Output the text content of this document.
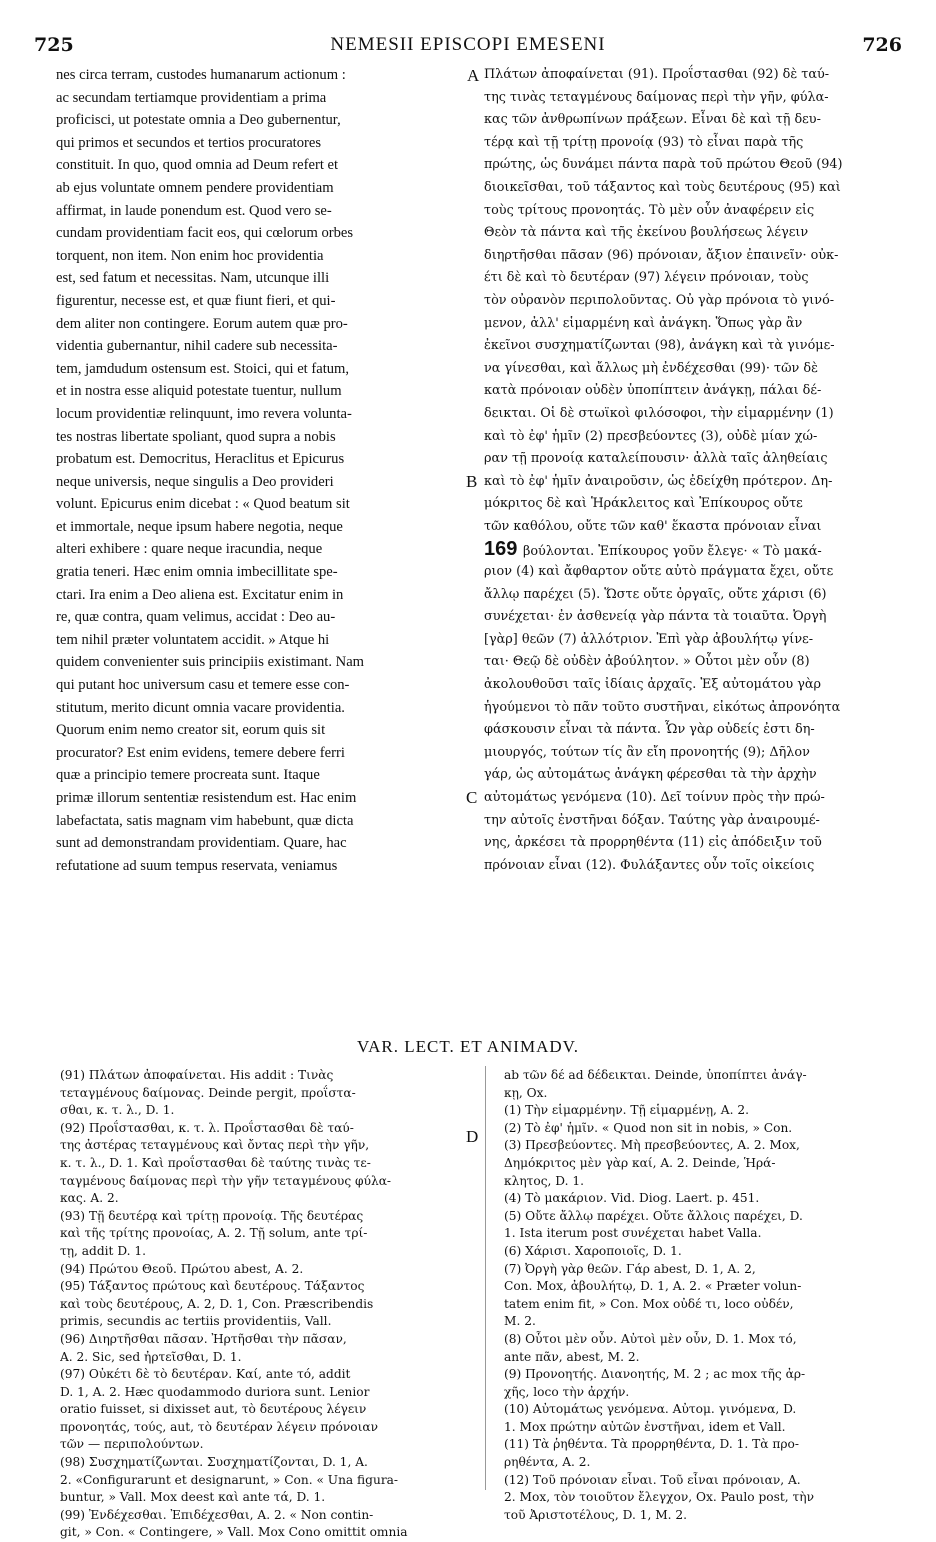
725	NEMESII EPISCOPI EMESENI	726
A
B
C
nes circa terram, custodes humanarum actionum :
ac secundam tertiamque providentiam a prima
proficisci, ut potestate omnia a Deo gubernentur,
qui primos et secundos et tertios procuratores
constituit. In quo, quod omnia ad Deum refert et
ab ejus voluntate omnem pendere providentiam
affirmat, in laude ponendum est. Quod vero se-
cundam providentiam facit eos, qui cœlorum orbes
torquent, non item. Non enim hoc providentia
est, sed fatum et necessitas. Nam, utcunque illi
figurentur, necesse est, et quæ fiunt fieri, et qui-
dem aliter non contingere. Eorum autem quæ pro-
videntia gubernantur, nihil cadere sub necessita-
tem, jamdudum ostensum est. Stoici, qui et fatum,
et in nostra esse aliquid potestate tuentur, nullum
locum providentiæ relinquunt, imo revera volunta-
tes nostras libertate spoliant, quod supra a nobis
probatum est. Democritus, Heraclitus et Epicurus
neque universis, neque singulis a Deo provideri
volunt. Epicurus enim dicebat : « Quod beatum sit
et immortale, neque ipsum habere negotia, neque
alteri exhibere : quare neque iracundia, neque
gratia teneri. Hæc enim omnia imbecillitate spe-
ctari. Ira enim a Deo aliena est. Excitatur enim in
re, quæ contra, quam velimus, accidat : Deo au-
tem nihil præter voluntatem accidit. » Atque hi
quidem convenienter suis principiis existimant. Nam
qui putant hoc universum casu et temere esse con-
stitutum, merito dicunt omnia vacare providentia.
Quorum enim nemo creator sit, eorum quis sit
procurator? Est enim evidens, temere debere ferri
quæ a principio temere procreata sunt. Itaque
primæ illorum sententiæ resistendum est. Hac enim
labefactata, satis magnam vim habebunt, quæ dicta
sunt ad demonstrandam providentiam. Quare, hac
refutatione ad suum tempus reservata, veniamus
Πλάτων ἀποφαίνεται (91). Προΐστασθαι (92) δὲ ταύ-
της τινὰς τεταγμένους δαίμονας περὶ τὴν γῆν, φύλα-
κας τῶν ἀνθρωπίνων πράξεων. Εἶναι δὲ καὶ τῇ δευ-
τέρᾳ καὶ τῇ τρίτῃ προνοίᾳ (93) τὸ εἶναι παρὰ τῆς
πρώτης, ὡς δυνάμει πάντα παρὰ τοῦ πρώτου Θεοῦ (94)
διοικεῖσθαι, τοῦ τάξαντος καὶ τοὺς δευτέρους (95) καὶ
τοὺς τρίτους προνοητάς. Τὸ μὲν οὖν ἀναφέρειν εἰς
Θεὸν τὰ πάντα καὶ τῆς ἐκείνου βουλήσεως λέγειν
διηρτῆσθαι πᾶσαν (96) πρόνοιαν, ἄξιον ἐπαινεῖν· οὐκ-
έτι δὲ καὶ τὸ δευτέραν (97) λέγειν πρόνοιαν, τοὺς
τὸν οὐρανὸν περιπολοῦντας. Οὐ γὰρ πρόνοια τὸ γινό-
μενον, ἀλλ' εἱμαρμένη καὶ ἀνάγκη. Ὅπως γὰρ ἂν
ἐκεῖνοι συσχηματίζωνται (98), ἀνάγκη καὶ τὰ γινόμε-
να γίνεσθαι, καὶ ἄλλως μὴ ἐνδέχεσθαι (99)· τῶν δὲ
κατὰ πρόνοιαν οὐδὲν ὑποπίπτειν ἀνάγκῃ, πάλαι δέ-
δεικται. Οἱ δὲ στωϊκοὶ φιλόσοφοι, τὴν εἱμαρμένην (1)
καὶ τὸ ἐφ' ἡμῖν (2) πρεσβεύοντες (3), οὐδὲ μίαν χώ-
ραν τῇ προνοίᾳ καταλείπουσιν· ἀλλὰ ταῖς ἀληθείαις
καὶ τὸ ἐφ' ἡμῖν ἀναιροῦσιν, ὡς ἐδείχθη πρότερον. Δη-
μόκριτος δὲ καὶ Ἡράκλειτος καὶ Ἐπίκουρος οὔτε
τῶν καθόλου, οὔτε τῶν καθ' ἕκαστα πρόνοιαν εἶναι
169 βούλονται. Ἐπίκουρος γοῦν ἔλεγε· « Τὸ μακά-
ριον (4) καὶ ἄφθαρτον οὔτε αὐτὸ πράγματα ἔχει, οὔτε
ἄλλῳ παρέχει (5). Ὥστε οὔτε ὀργαῖς, οὔτε χάρισι (6)
συνέχεται· ἐν ἀσθενείᾳ γὰρ πάντα τὰ τοιαῦτα. Ὀργὴ
[γὰρ] θεῶν (7) ἀλλότριον. Ἐπὶ γὰρ ἀβουλήτῳ γίνε-
ται· Θεῷ δὲ οὐδὲν ἀβούλητον. » Οὗτοι μὲν οὖν (8)
ἀκολουθοῦσι ταῖς ἰδίαις ἀρχαῖς. Ἐξ αὐτομάτου γὰρ
ἡγούμενοι τὸ πᾶν τοῦτο συστῆναι, εἰκότως ἀπρονόητα
φάσκουσιν εἶναι τὰ πάντα. Ὧν γὰρ οὐδείς ἐστι δη-
μιουργός, τούτων τίς ἂν εἴη προνοητής (9); Δῆλον
γάρ, ὡς αὐτομάτως ἀνάγκη φέρεσθαι τὰ τὴν ἀρχὴν
αὐτομάτως γενόμενα (10). Δεῖ τοίνυν πρὸς τὴν πρώ-
την αὐτοῖς ἐνστῆναι δόξαν. Ταύτης γὰρ ἀναιρουμέ-
νης, ἀρκέσει τὰ προρρηθέντα (11) εἰς ἀπόδειξιν τοῦ
πρόνοιαν εἶναι (12). Φυλάξαντες οὖν τοῖς οἰκείοις
VAR. LECT. ET ANIMADV.
D
(91) Πλάτων ἀποφαίνεται. His addit : Τινὰς
τεταγμένους δαίμονας. Deinde pergit, προΐστα-
σθαι, κ. τ. λ., D. 1.
(92) Προΐστασθαι, κ. τ. λ. Προΐστασθαι δὲ ταύ-
της ἀστέρας τεταγμένους καὶ ὄντας περὶ τὴν γῆν,
κ. τ. λ., D. 1. Καὶ προΐστασθαι δὲ ταύτης τινὰς τε-
ταγμένους δαίμονας περὶ τὴν γῆν τεταγμένους φύλα-
κας. A. 2.
(93) Τῇ δευτέρᾳ καὶ τρίτῃ προνοίᾳ. Τῆς δευτέρας
καὶ τῆς τρίτης προνοίας, A. 2. Τῇ solum, ante τρί-
τῃ, addit D. 1.
(94) Πρώτου Θεοῦ. Πρώτου abest, A. 2.
(95) Τάξαντος πρώτους καὶ δευτέρους. Τάξαντος
καὶ τοὺς δευτέρους, A. 2, D. 1, Con. Præscribendis
primis, secundis ac tertiis providentiis, Vall.
(96) Διηρτῆσθαι πᾶσαν. Ἠρτῆσθαι τὴν πᾶσαν,
A. 2. Sic, sed ἠρτεῖσθαι, D. 1.
(97) Οὐκέτι δὲ τὸ δευτέραν. Καί, ante τό, addit
D. 1, A. 2. Hæc quodammodo duriora sunt. Lenior
oratio fuisset, si dixisset aut, τὸ δευτέρους λέγειν
προνοητάς, τούς, aut, τὸ δευτέραν λέγειν πρόνοιαν
τῶν — περιπολούντων.
(98) Συσχηματίζωνται. Συσχηματίζονται, D. 1, A.
2. «Configurarunt et designarunt, » Con. « Una figura-
buntur, » Vall. Mox deest καὶ ante τά, D. 1.
(99) Ἐνδέχεσθαι. Ἐπιδέχεσθαι, A. 2. « Non contin-
git, » Con. « Contingere, » Vall. Mox Cono omittit omnia
ab τῶν δέ ad δέδεικται. Deinde, ὑποπίπτει ἀνάγ-
κῃ, Ox.
(1) Τὴν εἱμαρμένην. Τῇ εἱμαρμένῃ, A. 2.
(2) Τὸ ἐφ' ἡμῖν. « Quod non sit in nobis, » Con.
(3) Πρεσβεύοντες. Μὴ πρεσβεύοντες, A. 2. Mox,
Δημόκριτος μὲν γὰρ καί, A. 2. Deinde, Ἡρά-
κλητος, D. 1.
(4) Τὸ μακάριον. Vid. Diog. Laert. p. 451.
(5) Οὔτε ἄλλῳ παρέχει. Οὔτε ἄλλοις παρέχει, D.
1. Ista iterum post συνέχεται habet Valla.
(6) Χάρισι. Χαροποιοῖς, D. 1.
(7) Ὀργὴ γὰρ θεῶν. Γάρ abest, D. 1, A. 2,
Con. Mox, ἀβουλήτῳ, D. 1, A. 2. « Præter volun-
tatem enim fit, » Con. Mox οὐδέ τι, loco οὐδέν,
M. 2.
(8) Οὗτοι μὲν οὖν. Αὐτοὶ μὲν οὖν, D. 1. Mox τό,
ante πᾶν, abest, M. 2.
(9) Προνοητής. Διανοητής, M. 2 ; ac mox τῆς ἀρ-
χῆς, loco τὴν ἀρχήν.
(10) Αὐτομάτως γενόμενα. Αὐτομ. γινόμενα, D.
1. Mox πρώτην αὐτῶν ἐνστῆναι, idem et Vall.
(11) Τὰ ῥηθέντα. Τὰ προρρηθέντα, D. 1. Τὰ προ-
ρηθέντα, A. 2.
(12) Τοῦ πρόνοιαν εἶναι. Τοῦ εἶναι πρόνοιαν, A.
2. Mox, τὸν τοιοῦτον ἔλεγχον, Ox. Paulo post, τὴν
τοῦ Ἀριστοτέλους, D. 1, M. 2.
